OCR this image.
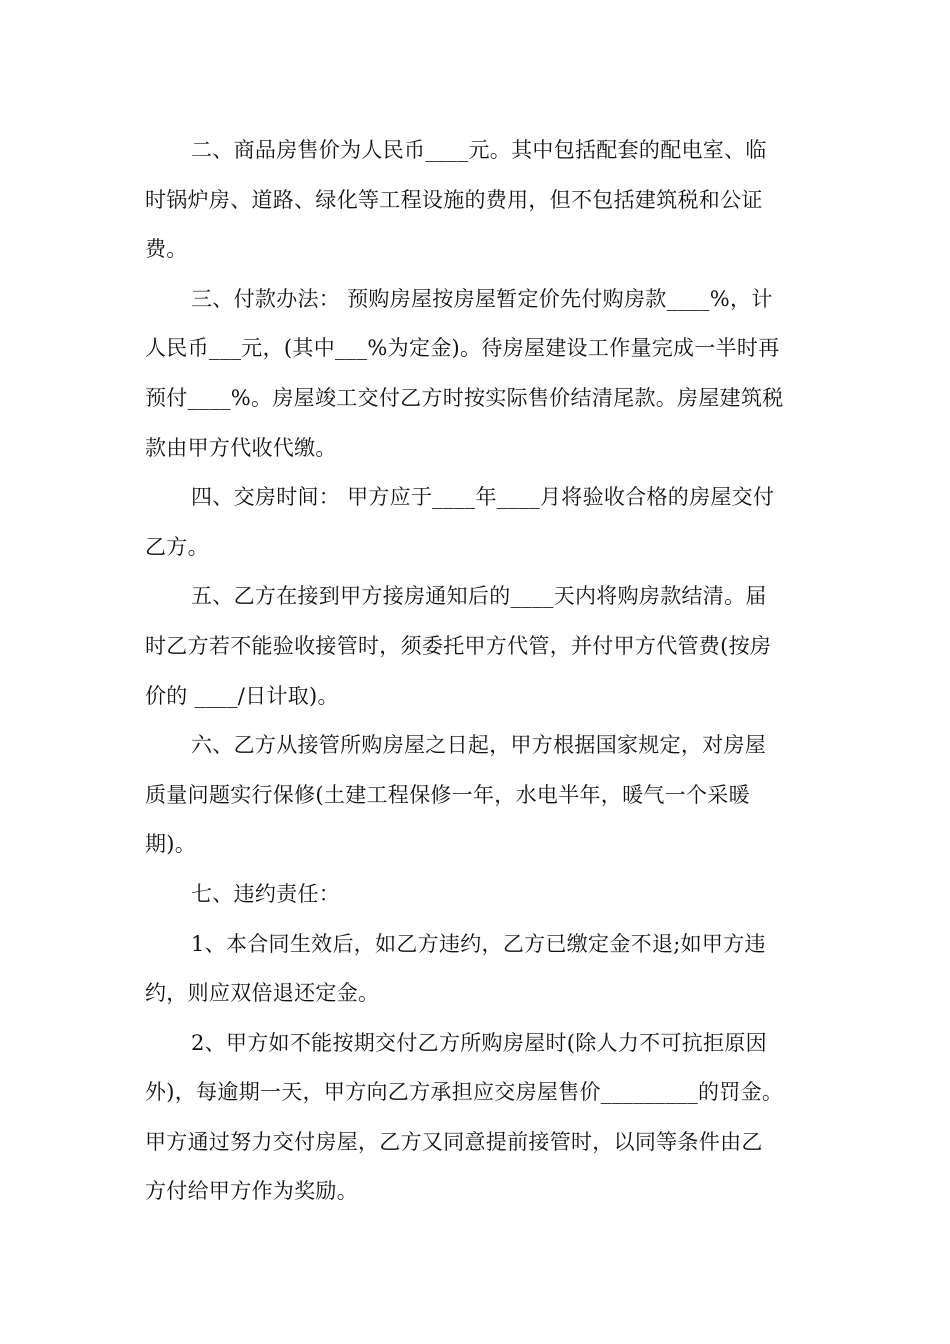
二、商品房售价为人民币____元。其中包括配套的配电室、临
时锅炉房、道路、绿化等工程设施的费用，但不包括建筑税和公证
费。
三、付款办法： 预购房屋按房屋暂定价先付购房款____%，计
人民币___元，(其中___%为定金)。待房屋建设工作量完成一半时再
预付____%。房屋竣工交付乙方时按实际售价结清尾款。房屋建筑税
款由甲方代收代缴。
四、交房时间： 甲方应于____年____月将验收合格的房屋交付
乙方。
五、乙方在接到甲方接房通知后的____天内将购房款结清。届
时乙方若不能验收接管时，须委托甲方代管，并付甲方代管费(按房
价的 ____/日计取)。
六、乙方从接管所购房屋之日起，甲方根据国家规定，对房屋
质量问题实行保修(土建工程保修一年，水电半年，暖气一个采暖
期)。
七、违约责任：
1、本合同生效后，如乙方违约，乙方已缴定金不退;如甲方违
约，则应双倍退还定金。
2、甲方如不能按期交付乙方所购房屋时(除人力不可抗拒原因
外)，每逾期一天，甲方向乙方承担应交房屋售价_________的罚金。
甲方通过努力交付房屋，乙方又同意提前接管时，以同等条件由乙
方付给甲方作为奖励。
